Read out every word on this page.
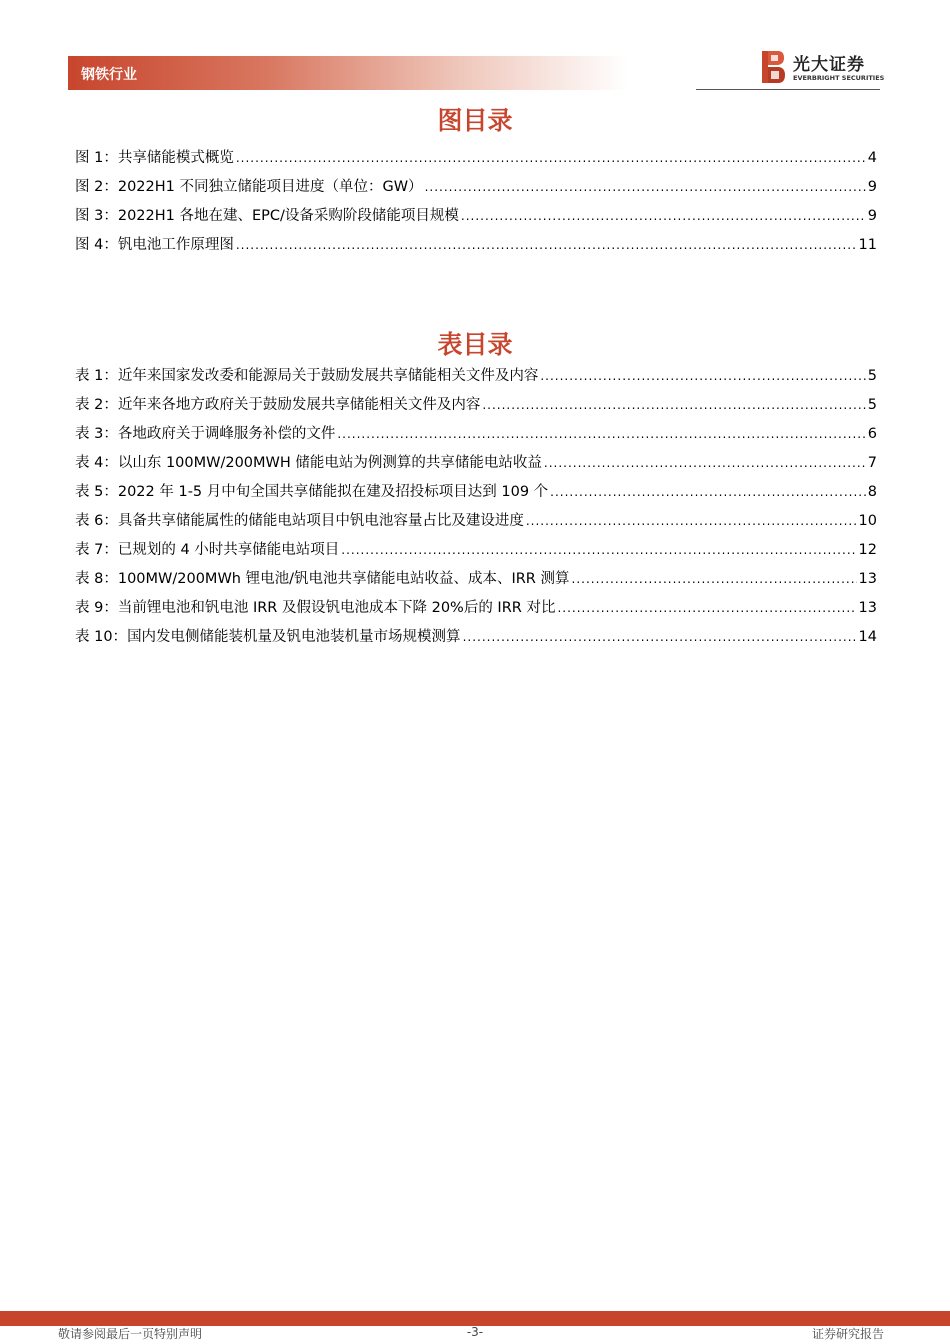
钢铁行业	光大证券
EVERBRIGHT SECURITIES
图目录
图 1： 共享储能模式概览 .....	4
图 2： 2022H1 不同独立储能项目进度（单位：GW） .....	9
图 3： 2022H1 各地在建、EPC/设备采购阶段储能项目规模 .....	9
图 4： 钒电池工作原理图 .....	11
表目录
表 1： 近年来国家发改委和能源局关于鼓励发展共享储能相关文件及内容 .....	5
表 2： 近年来各地方政府关于鼓励发展共享储能相关文件及内容 .....	5
表 3： 各地政府关于调峰服务补偿的文件 .....	6
表 4： 以山东 100MW/200MWH 储能电站为例测算的共享储能电站收益 .....	7
表 5： 2022 年 1-5 月中旬全国共享储能拟在建及招投标项目达到 109 个 .....	8
表 6： 具备共享储能属性的储能电站项目中钒电池容量占比及建设进度 .....	10
表 7： 已规划的 4 小时共享储能电站项目 .....	12
表 8： 100MW/200MWh 锂电池/钒电池共享储能电站收益、成本、IRR 测算 .....	13
表 9： 当前锂电池和钒电池 IRR 及假设钒电池成本下降 20%后的 IRR 对比 .....	13
表 10： 国内发电侧储能装机量及钒电池装机量市场规模测算 .....	14
敬请参阅最后一页特别声明	-3-	证券研究报告
